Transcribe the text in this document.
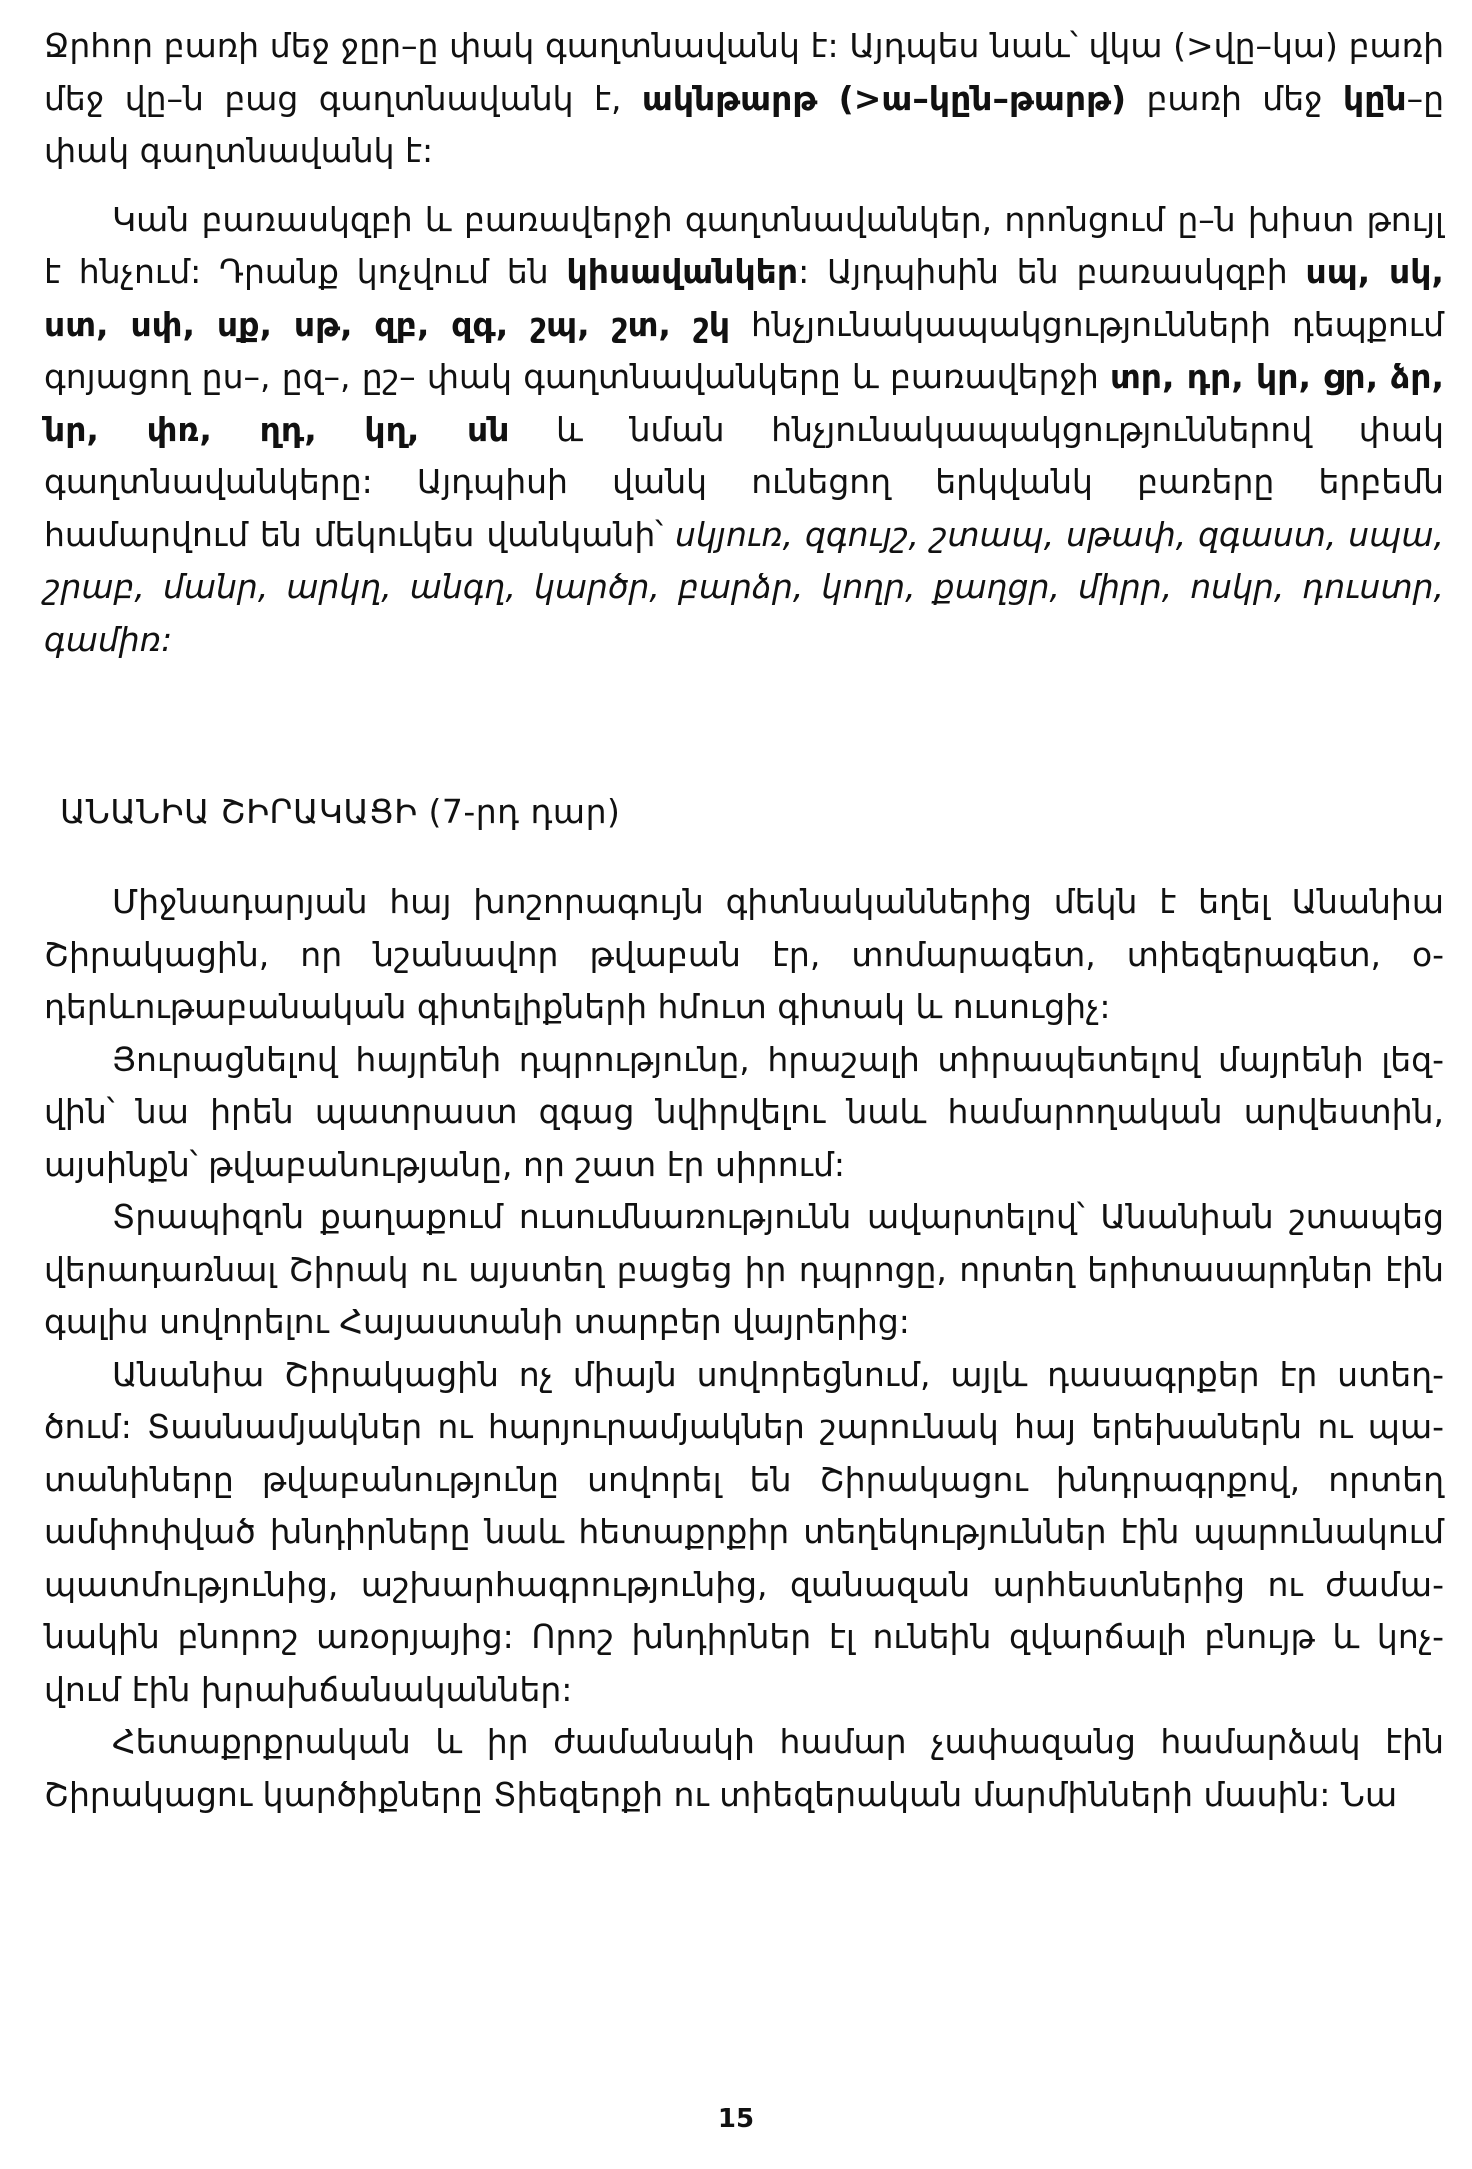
Ջրհոր բառի մեջ ջըր–ը փակ գաղտնավանկ է: Այդպես նաև՝ վկա (>վը–կա) բառի մեջ վը–ն բաց գաղտնավանկ է, ակնթարթ (>ա–կըն–թարթ) բառի մեջ կըն–ը փակ գաղտնավանկ է:

Կան բառասկզբի և բառավերջի գաղտնավանկեր, որոնցում ը–ն խիստ թույլ է հնչում: Դրանք կոչվում են կիսավանկեր: Այդպիսին են բառասկզբի սպ, սկ, ստ, սփ, սք, սթ, զբ, զգ, շպ, շտ, շկ հնչյունակապակցությունների դեպքում գոյացող ըս–, ըզ–, ըշ– փակ գաղտնավանկերը և բառավերջի տր, դր, կր, ցր, ձր, նր, փռ, ղդ, կղ, սն և նման հնչյունակապակցություններով փակ գաղտնավանկերը: Այդպիսի վանկ ունեցող երկվանկ բառերը երբեմն համարվում են մեկուկես վանկանի՝ սկյուռ, զգույշ, շտապ, սթափ, զգաստ, սպա, շրաբ, մանր, արկղ, անգղ, կարծր, բարձր, կողր, քաղցր, միրր, ոսկր, դուստր, գամիռ:

ԱՆԱՆԻԱ ՇԻՐԱԿԱՑԻ (7-րդ դար)

Միջնադարյան հայ խոշորագույն գիտնականներից մեկն է եղել Անանիա Շիրակացին, որ նշանավոր թվաբան էր, տոմարագետ, տիեզերագետ, օ-դերևութաբանական գիտելիքների հմուտ գիտակ և ուսուցիչ:

Յուրացնելով հայրենի դպրությունը, հրաշալի տիրապետելով մայրենի լեզ-վին՝ նա իրեն պատրաստ զգաց նվիրվելու նաև համարողական արվեստին, այսինքն՝ թվաբանությանը, որ շատ էր սիրում:

Տրապիզոն քաղաքում ուսումնառությունն ավարտելով՝ Անանիան շտապեց վերադառնալ Շիրակ ու այստեղ բացեց իր դպրոցը, որտեղ երիտասարդներ էին գալիս սովորելու Հայաստանի տարբեր վայրերից:

Անանիա Շիրակացին ոչ միայն սովորեցնում, այլև դասագրքեր էր ստեղ-ծում: Տասնամյակներ ու հարյուրամյակներ շարունակ հայ երեխաներն ու պա-տանիները թվաբանությունը սովորել են Շիրակացու խնդրագրքով, որտեղ ամփոփված խնդիրները նաև հետաքրքիր տեղեկություններ էին պարունակում պատմությունից, աշխարհագրությունից, զանազան արհեստներից ու ժամա-նակին բնորոշ առօրյայից: Որոշ խնդիրներ էլ ունեին զվարճալի բնույթ և կոչ-վում էին խրախճանականներ:

Հետաքրքրական և իր ժամանակի համար չափազանց համարձակ էին Շիրակացու կարծիքները Տիեզերքի ու տիեզերական մարմինների մասին: Նա

15
